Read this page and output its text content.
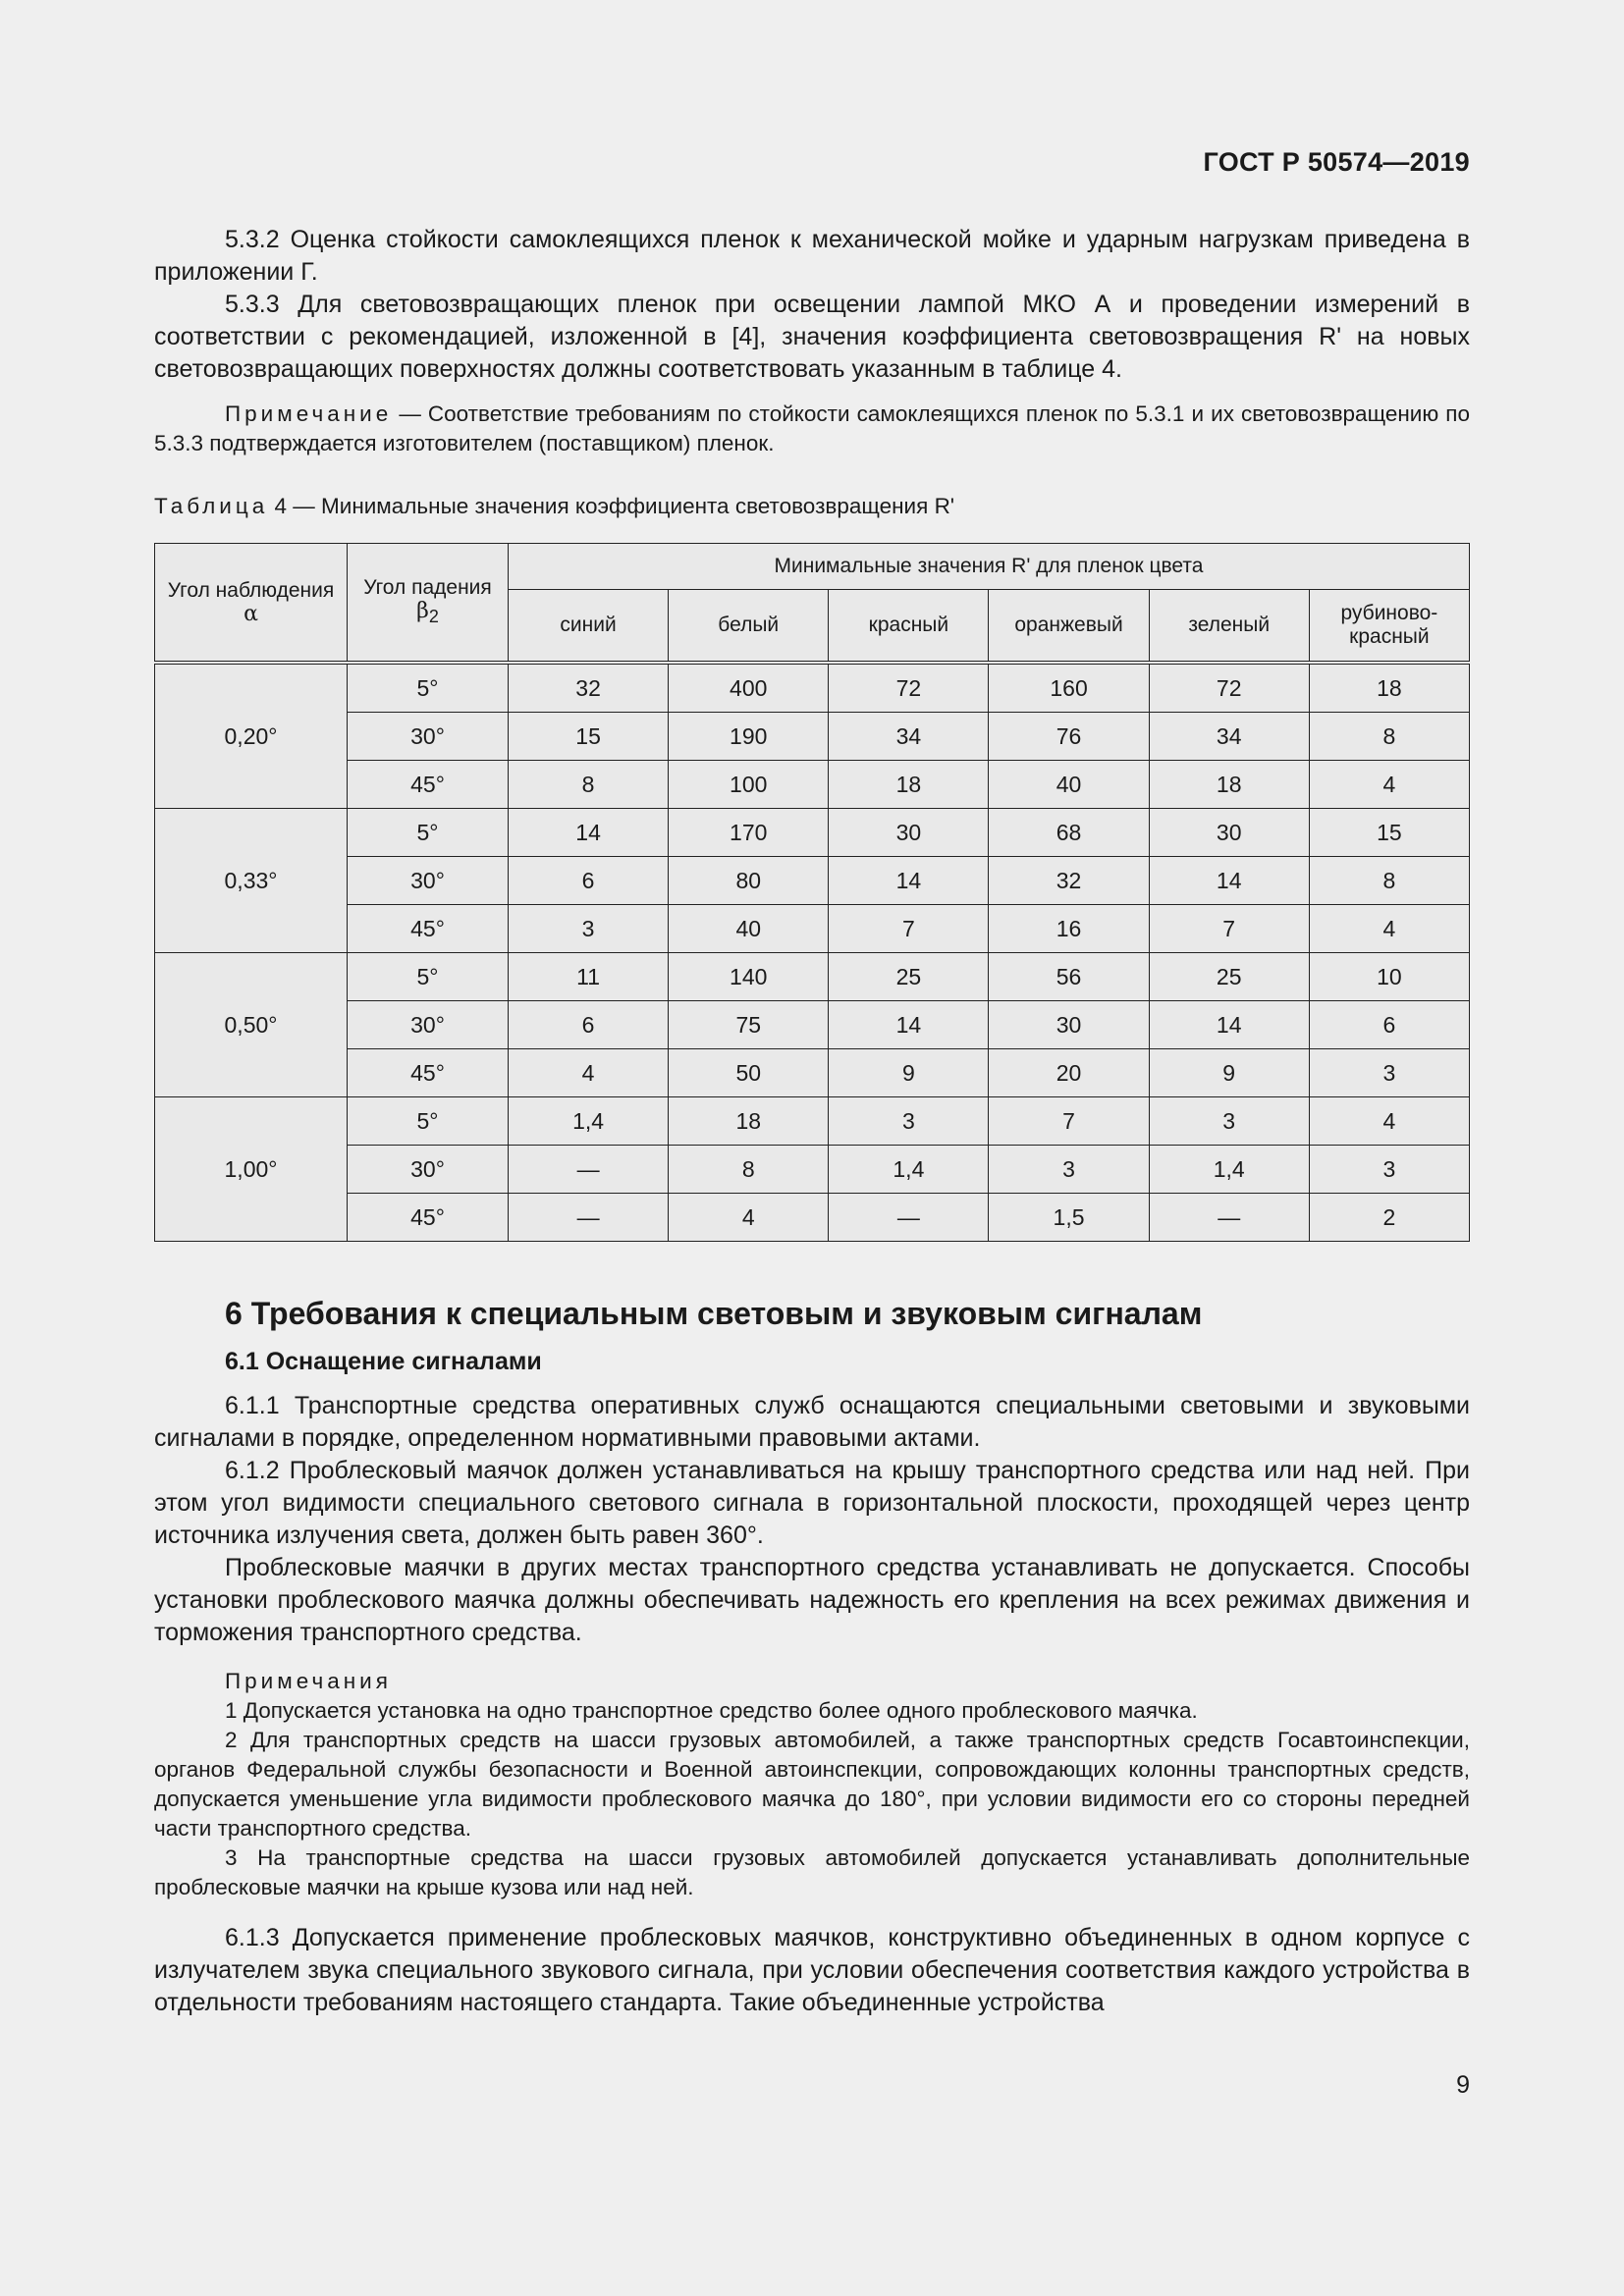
ГОСТ Р 50574—2019

5.3.2 Оценка стойкости самоклеящихся пленок к механической мойке и ударным нагрузкам приведена в приложении Г.

5.3.3 Для световозвращающих пленок при освещении лампой МКО А и проведении измерений в соответствии с рекомендацией, изложенной в [4], значения коэффициента световозвращения R' на новых световозвращающих поверхностях должны соответствовать указанным в таблице 4.

Примечание — Соответствие требованиям по стойкости самоклеящихся пленок по 5.3.1 и их световозвращению по 5.3.3 подтверждается изготовителем (поставщиком) пленок.

Таблица 4 — Минимальные значения коэффициента световозвращения R'

Угол наблюдения
α	Угол падения
β2	Минимальные значения R' для пленок цвета					
		синий	белый	красный	оранжевый	зеленый	рубиново-красный
0,20°	5°	32	400	72	160	72	18
	30°	15	190	34	76	34	8
	45°	8	100	18	40	18	4
0,33°	5°	14	170	30	68	30	15
	30°	6	80	14	32	14	8
	45°	3	40	7	16	7	4
0,50°	5°	11	140	25	56	25	10
	30°	6	75	14	30	14	6
	45°	4	50	9	20	9	3
1,00°	5°	1,4	18	3	7	3	4
	30°	—	8	1,4	3	1,4	3
	45°	—	4	—	1,5	—	2

6 Требования к специальным световым и звуковым сигналам

6.1 Оснащение сигналами

6.1.1 Транспортные средства оперативных служб оснащаются специальными световыми и звуковыми сигналами в порядке, определенном нормативными правовыми актами.

6.1.2 Проблесковый маячок должен устанавливаться на крышу транспортного средства или над ней. При этом угол видимости специального светового сигнала в горизонтальной плоскости, проходящей через центр источника излучения света, должен быть равен 360°.

Проблесковые маячки в других местах транспортного средства устанавливать не допускается. Способы установки проблескового маячка должны обеспечивать надежность его крепления на всех режимах движения и торможения транспортного средства.

Примечания

1 Допускается установка на одно транспортное средство более одного проблескового маячка.

2 Для транспортных средств на шасси грузовых автомобилей, а также транспортных средств Госавтоинспекции, органов Федеральной службы безопасности и Военной автоинспекции, сопровождающих колонны транспортных средств, допускается уменьшение угла видимости проблескового маячка до 180°, при условии видимости его со стороны передней части транспортного средства.

3 На транспортные средства на шасси грузовых автомобилей допускается устанавливать дополнительные проблесковые маячки на крыше кузова или над ней.

6.1.3 Допускается применение проблесковых маячков, конструктивно объединенных в одном корпусе с излучателем звука специального звукового сигнала, при условии обеспечения соответствия каждого устройства в отдельности требованиям настоящего стандарта. Такие объединенные устройства

9
